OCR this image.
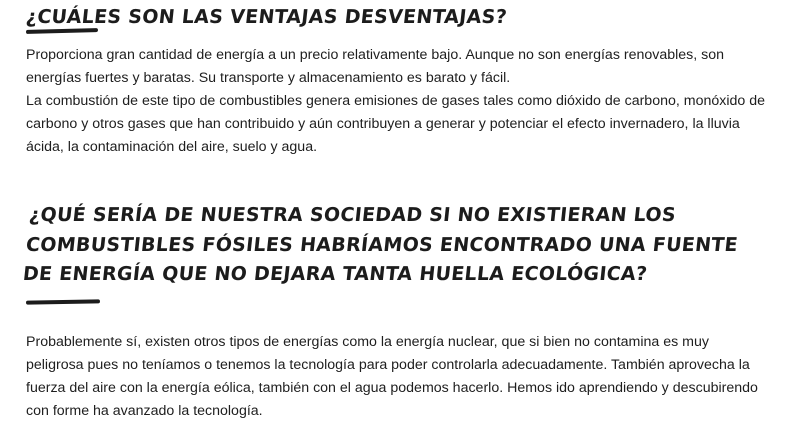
¿CUÁLES SON LAS VENTAJAS DESVENTAJAS?

Proporciona gran cantidad de energía a un precio relativamente bajo. Aunque no son energías renovables, son energías fuertes y baratas. Su transporte y almacenamiento es barato y fácil.

La combustión de este tipo de combustibles genera emisiones de gases tales como dióxido de carbono, monóxido de carbono y otros gases que han contribuido y aún contribuyen a generar y potenciar el efecto invernadero, la lluvia ácida, la contaminación del aire, suelo y agua.

¿QUÉ SERÍA DE NUESTRA SOCIEDAD SI NO EXISTIERAN LOS COMBUSTIBLES FÓSILES HABRÍAMOS ENCONTRADO UNA FUENTE DE ENERGÍA QUE NO DEJARA TANTA HUELLA ECOLÓGICA?

Probablemente sí, existen otros tipos de energías como la energía nuclear, que si bien no contamina es muy peligrosa pues no teníamos o tenemos la tecnología para poder controlarla adecuadamente. También aprovecha la fuerza del aire con la energía eólica, también con el agua podemos hacerlo. Hemos ido aprendiendo y descubirendo con forme ha avanzado la tecnología.
